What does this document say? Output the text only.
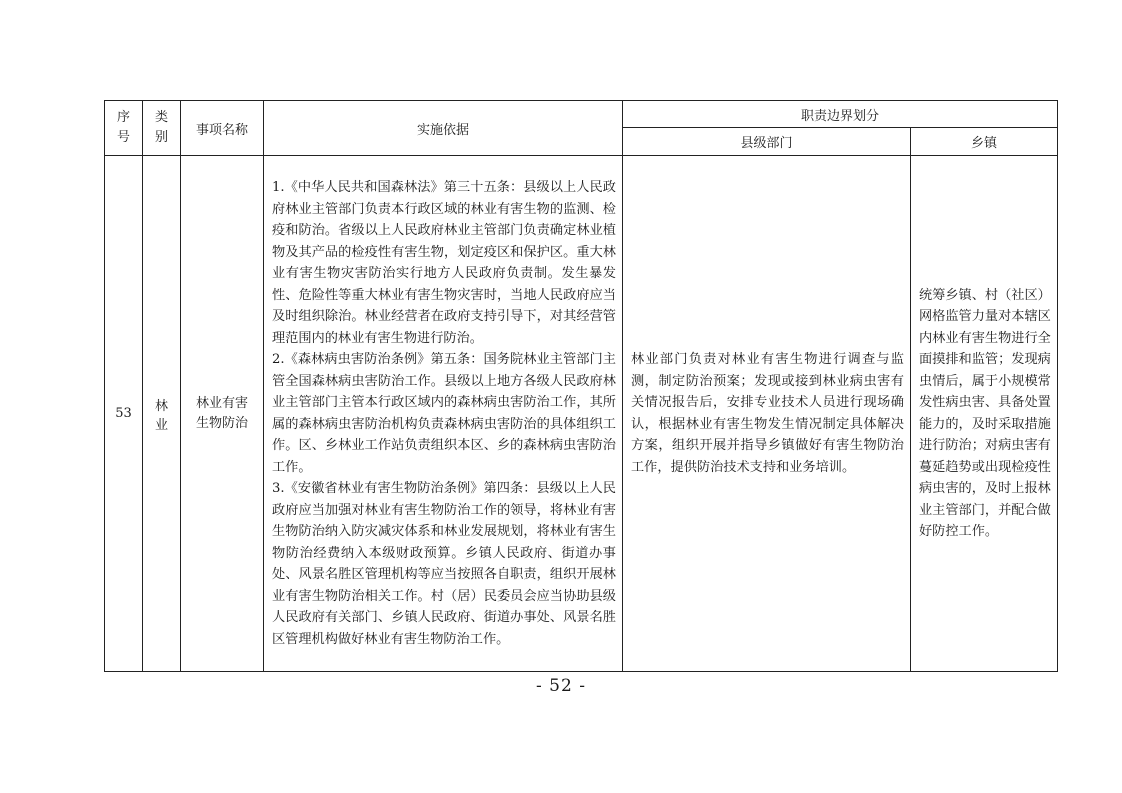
序号	类别	事项名称	实施依据	职责边界划分	
				县级部门	乡镇
53	林业	林业有害生物防治	1.《中华人民共和国森林法》第三十五条：县级以上人民政府林业主管部门负责本行政区域的林业有害生物的监测、检疫和防治。省级以上人民政府林业主管部门负责确定林业植物及其产品的检疫性有害生物，划定疫区和保护区。重大林业有害生物灾害防治实行地方人民政府负责制。发生暴发性、危险性等重大林业有害生物灾害时，当地人民政府应当及时组织除治。林业经营者在政府支持引导下，对其经营管理范围内的林业有害生物进行防治。

2.《森林病虫害防治条例》第五条：国务院林业主管部门主管全国森林病虫害防治工作。县级以上地方各级人民政府林业主管部门主管本行政区域内的森林病虫害防治工作，其所属的森林病虫害防治机构负责森林病虫害防治的具体组织工作。区、乡林业工作站负责组织本区、乡的森林病虫害防治工作。

3.《安徽省林业有害生物防治条例》第四条：县级以上人民政府应当加强对林业有害生物防治工作的领导，将林业有害生物防治纳入防灾减灾体系和林业发展规划，将林业有害生物防治经费纳入本级财政预算。乡镇人民政府、街道办事处、风景名胜区管理机构等应当按照各自职责，组织开展林业有害生物防治相关工作。村（居）民委员会应当协助县级人民政府有关部门、乡镇人民政府、街道办事处、风景名胜区管理机构做好林业有害生物防治工作。	林业部门负责对林业有害生物进行调查与监测，制定防治预案；发现或接到林业病虫害有关情况报告后，安排专业技术人员进行现场确认，根据林业有害生物发生情况制定具体解决方案，组织开展并指导乡镇做好有害生物防治工作，提供防治技术支持和业务培训。	统筹乡镇、村（社区）网格监管力量对本辖区内林业有害生物进行全面摸排和监管；发现病虫情后，属于小规模常发性病虫害、具备处置能力的，及时采取措施进行防治；对病虫害有蔓延趋势或出现检疫性病虫害的，及时上报林业主管部门，并配合做好防控工作。
- 52 -
